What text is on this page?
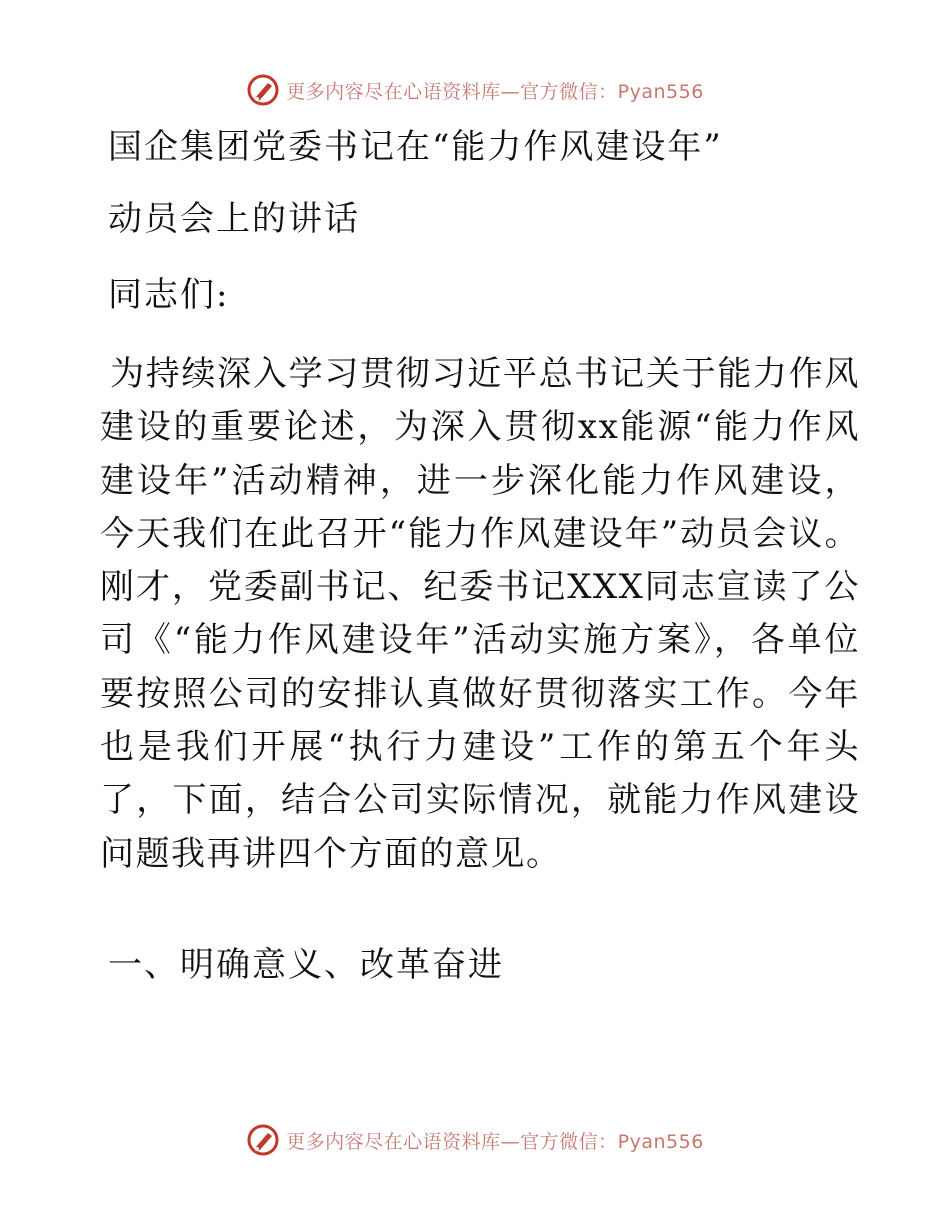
更多内容尽在心语资料库—官方微信：Pyan556
国企集团党委书记在“能力作风建设年”
动员会上的讲话
同志们:
为持续深入学习贯彻习近平总书记关于能力作风建设的重要论述，为深入贯彻xx能源“能力作风建设年”活动精神，进一步深化能力作风建设，今天我们在此召开“能力作风建设年”动员会议。刚才，党委副书记、纪委书记XXX同志宣读了公司《“能力作风建设年”活动实施方案》，各单位要按照公司的安排认真做好贯彻落实工作。今年也是我们开展“执行力建设”工作的第五个年头了，下面，结合公司实际情况，就能力作风建设问题我再讲四个方面的意见。
一、明确意义、改革奋进
更多内容尽在心语资料库—官方微信：Pyan556
